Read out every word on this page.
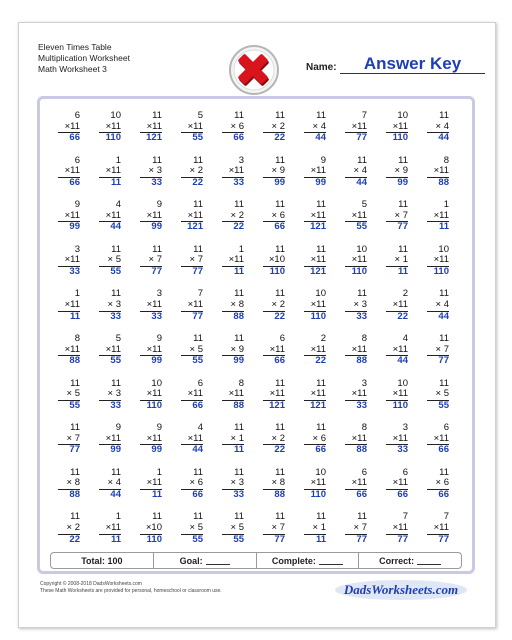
Eleven Times Table
Multiplication Worksheet
Math Worksheet 3	Name:	Answer Key
6
×11
66
10
×11
110
11
×11
121
5
×11
55
11
× 6
66
11
× 2
22
11
× 4
44
7
×11
77
10
×11
110
11
× 4
44
6
×11
66
1
×11
11
11
× 3
33
11
× 2
22
3
×11
33
11
× 9
99
9
×11
99
11
× 4
44
11
× 9
99
8
×11
88
9
×11
99
4
×11
44
9
×11
99
11
×11
121
11
× 2
22
11
× 6
66
11
×11
121
5
×11
55
11
× 7
77
1
×11
11
3
×11
33
11
× 5
55
11
× 7
77
11
× 7
77
1
×11
11
11
×10
110
11
×11
121
10
×11
110
11
× 1
11
10
×11
110
1
×11
11
11
× 3
33
3
×11
33
7
×11
77
11
× 8
88
11
× 2
22
10
×11
110
11
× 3
33
2
×11
22
11
× 4
44
8
×11
88
5
×11
55
9
×11
99
11
× 5
55
11
× 9
99
6
×11
66
2
×11
22
8
×11
88
4
×11
44
11
× 7
77
11
× 5
55
11
× 3
33
10
×11
110
6
×11
66
8
×11
88
11
×11
121
11
×11
121
3
×11
33
10
×11
110
11
× 5
55
11
× 7
77
9
×11
99
9
×11
99
4
×11
44
11
× 1
11
11
× 2
22
11
× 6
66
8
×11
88
3
×11
33
6
×11
66
11
× 8
88
11
× 4
44
1
×11
11
11
× 6
66
11
× 3
33
11
× 8
88
10
×11
110
6
×11
66
6
×11
66
11
× 6
66
11
× 2
22
1
×11
11
11
×10
110
11
× 5
55
11
× 5
55
11
× 7
77
11
× 1
11
11
× 7
77
7
×11
77
7
×11
77
Total: 100	Goal:	Complete:	Correct:
Copyright © 2008-2018 DadsWorksheets.com
These Math Worksheets are provided for personal, homeschool or classroom use.	DadsWorksheets.com
